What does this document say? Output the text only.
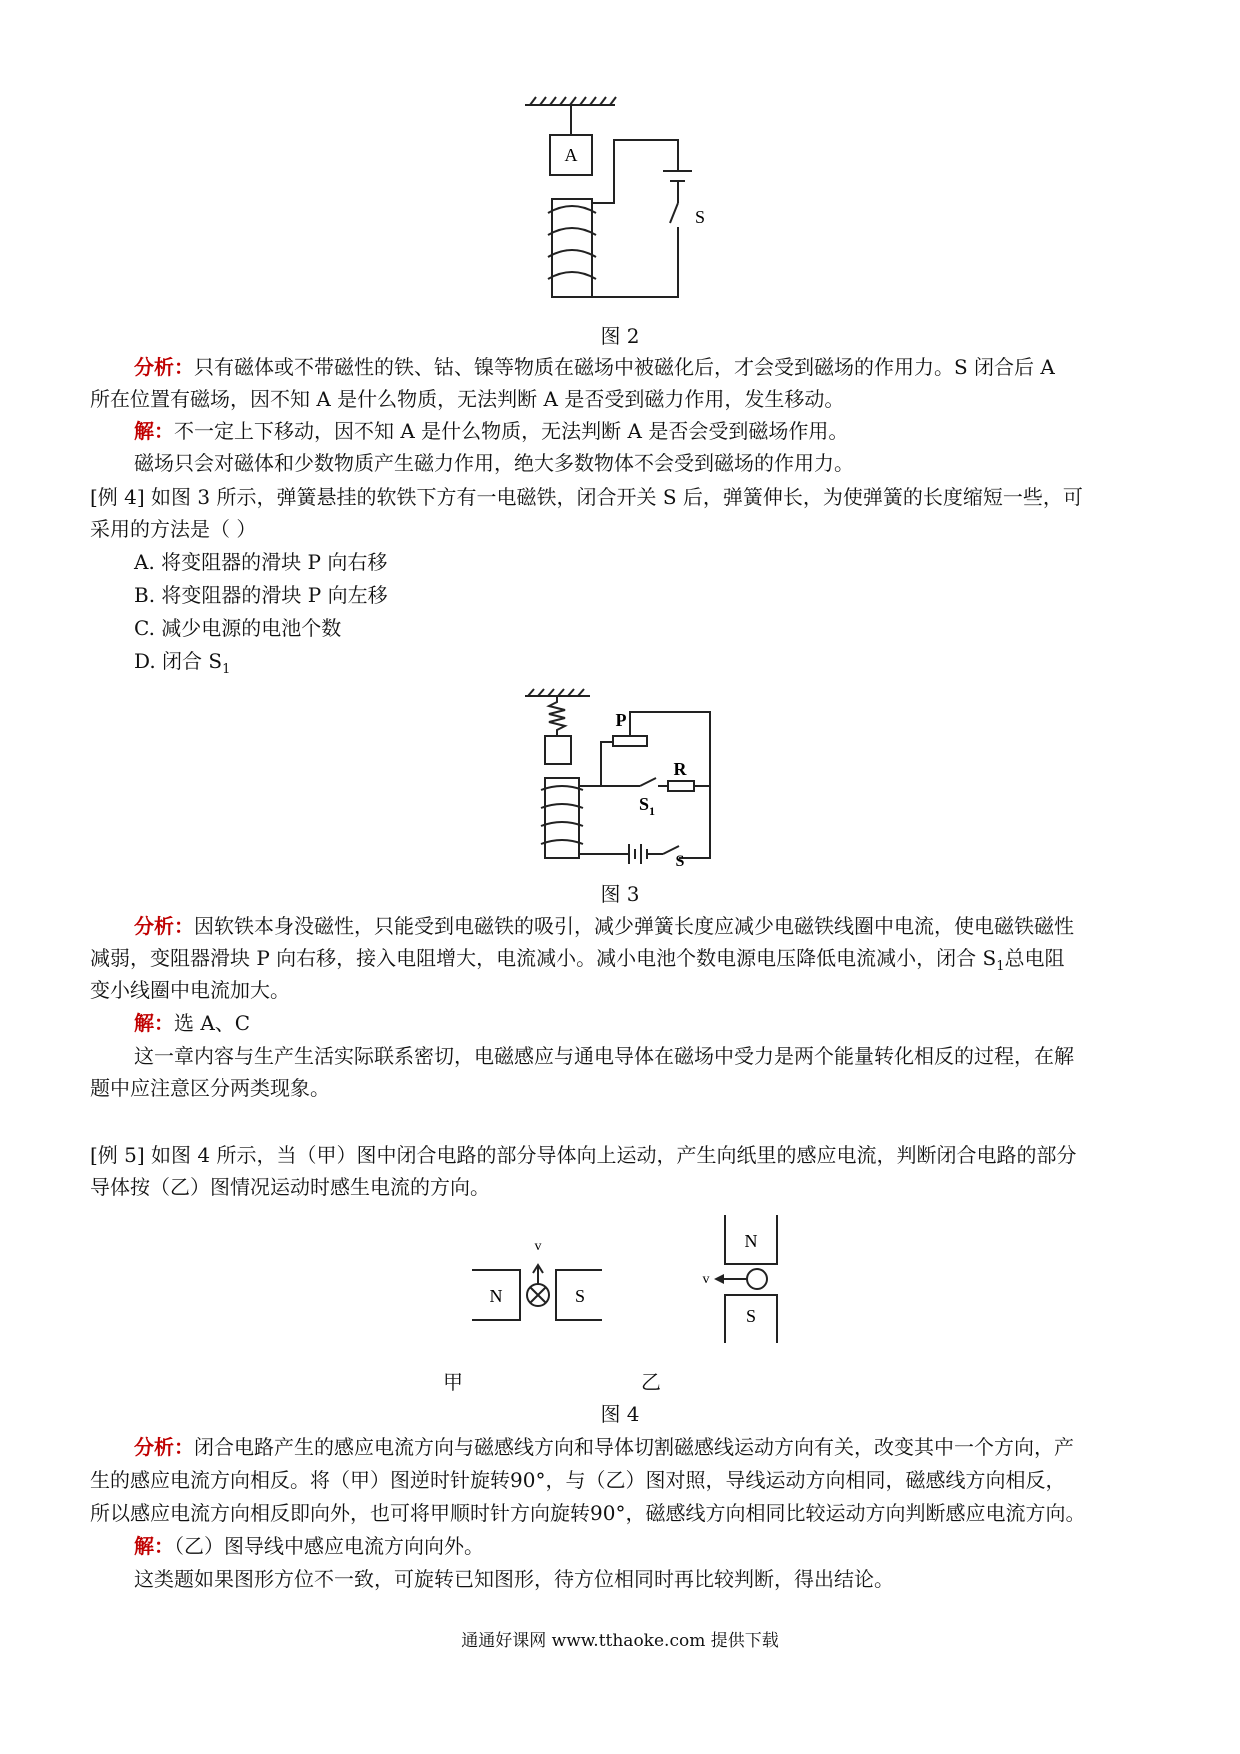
A
S
图 2
分析：只有磁体或不带磁性的铁、钴、镍等物质在磁场中被磁化后，才会受到磁场的作用力。S 闭合后 A
所在位置有磁场，因不知 A 是什么物质，无法判断 A 是否受到磁力作用，发生移动。
解：不一定上下移动，因不知 A 是什么物质，无法判断 A 是否会受到磁场作用。
磁场只会对磁体和少数物质产生磁力作用，绝大多数物体不会受到磁场的作用力。
[例 4] 如图 3 所示，弹簧悬挂的软铁下方有一电磁铁，闭合开关 S 后，弹簧伸长，为使弹簧的长度缩短一些，可
采用的方法是（ ）
A. 将变阻器的滑块 P 向右移
B. 将变阻器的滑块 P 向左移
C. 减少电源的电池个数
D. 闭合 $S_1$
P
R
$S_1$
S
图 3
分析：因软铁本身没磁性，只能受到电磁铁的吸引，减少弹簧长度应减少电磁铁线圈中电流，使电磁铁磁性
减弱，变阻器滑块 P 向右移，接入电阻增大，电流减小。减小电池个数电源电压降低电流减小，闭合 $S_1$总电阻
变小线圈中电流加大。
解：选 A、C
这一章内容与生产生活实际联系密切，电磁感应与通电导体在磁场中受力是两个能量转化相反的过程，在解
题中应注意区分两类现象。
[例 5] 如图 4 所示，当（甲）图中闭合电路的部分导体向上运动，产生向纸里的感应电流，判断闭合电路的部分
导体按（乙）图情况运动时感生电流的方向。
N	S
v	N
S
v
甲	乙
图 4
分析：闭合电路产生的感应电流方向与磁感线方向和导体切割磁感线运动方向有关，改变其中一个方向，产
生的感应电流方向相反。将（甲）图逆时针旋转90°，与（乙）图对照，导线运动方向相同，磁感线方向相反，
所以感应电流方向相反即向外，也可将甲顺时针方向旋转90°，磁感线方向相同比较运动方向判断感应电流方向。
解：（乙）图导线中感应电流方向向外。
这类题如果图形方位不一致，可旋转已知图形，待方位相同时再比较判断，得出结论。
通通好课网 www.tthaoke.com 提供下载
